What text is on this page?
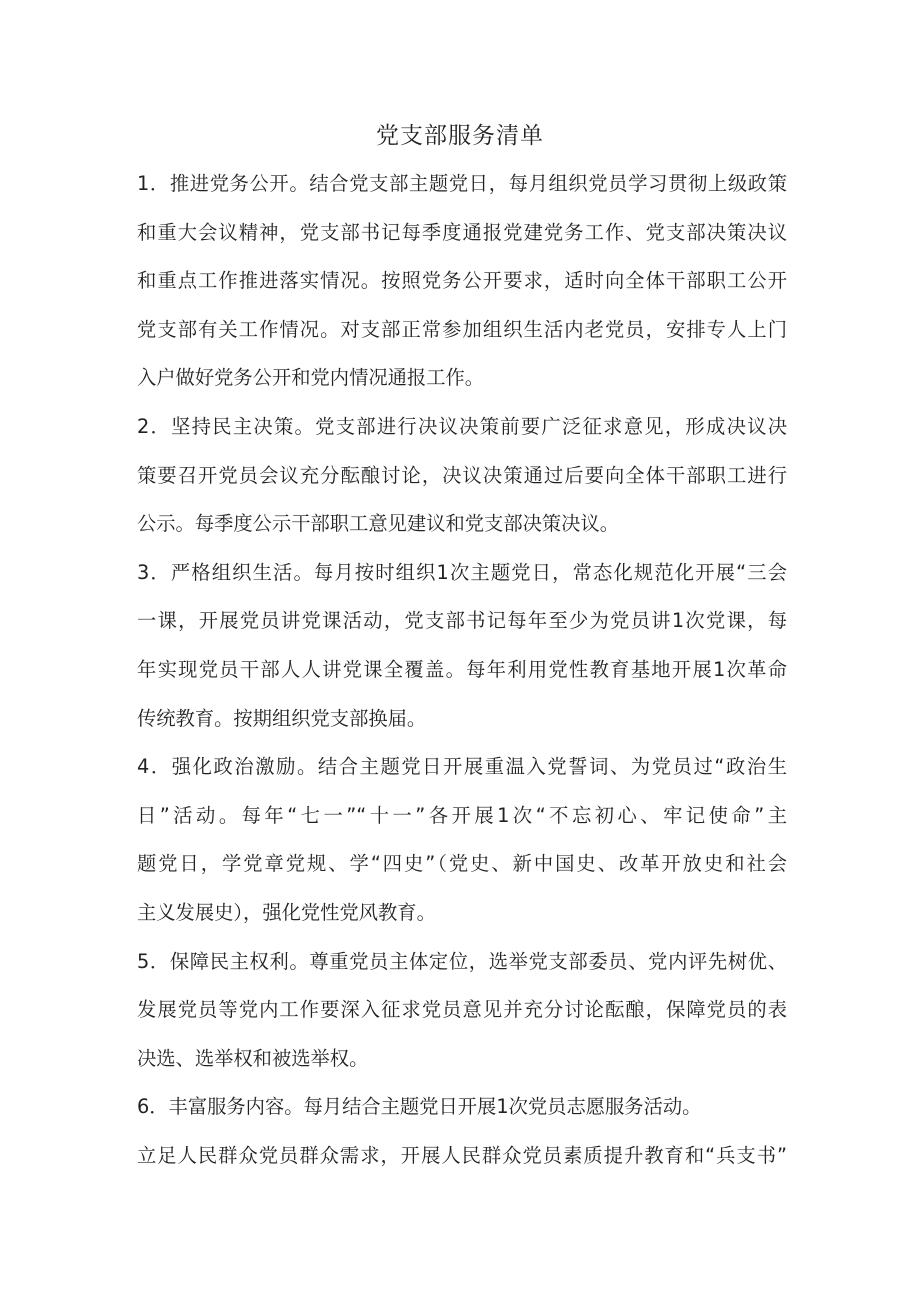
党支部服务清单
1．推进党务公开。结合党支部主题党日，每月组织党员学习贯彻上级政策
和重大会议精神，党支部书记每季度通报党建党务工作、党支部决策决议
和重点工作推进落实情况。按照党务公开要求，适时向全体干部职工公开
党支部有关工作情况。对支部正常参加组织生活内老党员，安排专人上门
入户做好党务公开和党内情况通报工作。
2．坚持民主决策。党支部进行决议决策前要广泛征求意见，形成决议决
策要召开党员会议充分酝酿讨论，决议决策通过后要向全体干部职工进行
公示。每季度公示干部职工意见建议和党支部决策决议。
3．严格组织生活。每月按时组织1次主题党日，常态化规范化开展“三会
一课，开展党员讲党课活动，党支部书记每年至少为党员讲1次党课，每
年实现党员干部人人讲党课全覆盖。每年利用党性教育基地开展1次革命
传统教育。按期组织党支部换届。
4．强化政治激励。结合主题党日开展重温入党誓词、为党员过“政治生
日”活动。每年“七一”“十一”各开展1次“不忘初心、牢记使命”主
题党日，学党章党规、学“四史”（党史、新中国史、改革开放史和社会
主义发展史），强化党性党风教育。
5．保障民主权利。尊重党员主体定位，选举党支部委员、党内评先树优、
发展党员等党内工作要深入征求党员意见并充分讨论酝酿，保障党员的表
决选、选举权和被选举权。
6．丰富服务内容。每月结合主题党日开展1次党员志愿服务活动。
立足人民群众党员群众需求，开展人民群众党员素质提升教育和“兵支书”
